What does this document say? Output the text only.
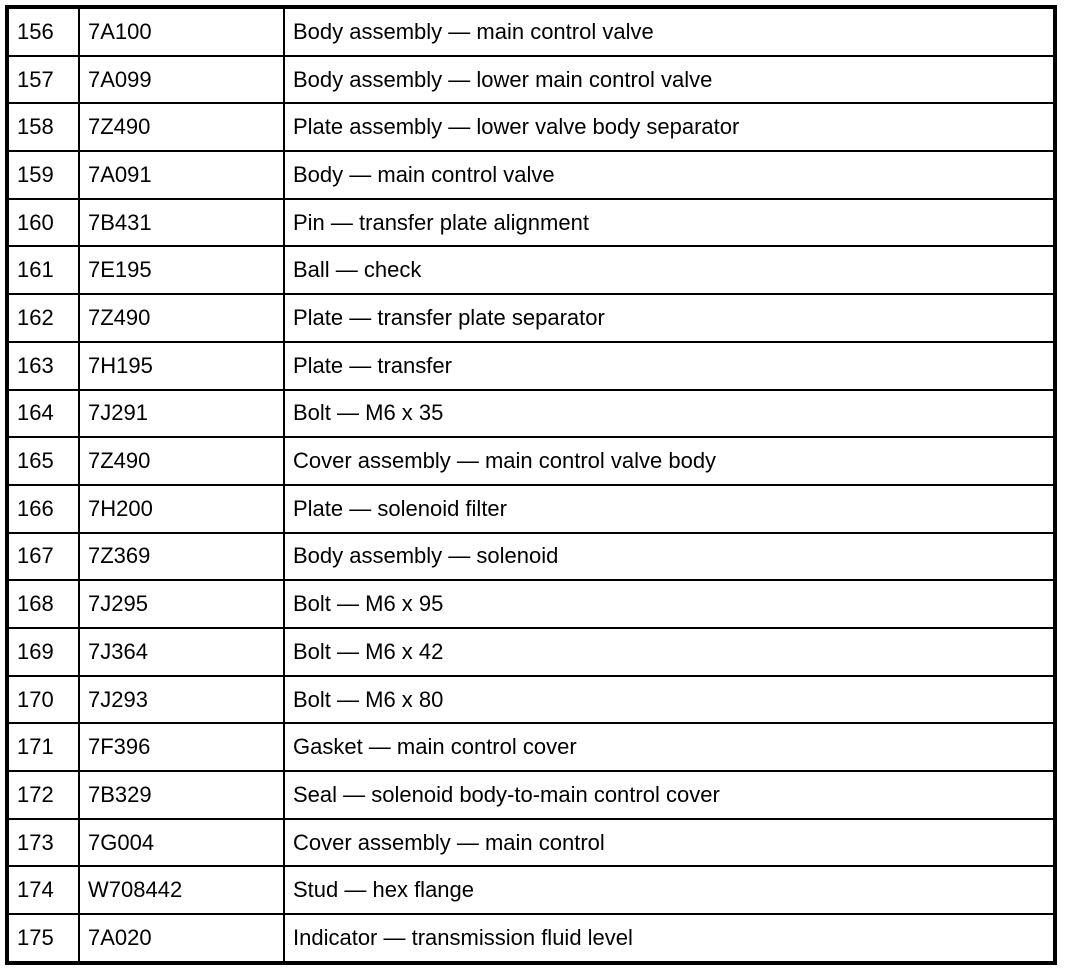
156	7A100	Body assembly — main control valve
157	7A099	Body assembly — lower main control valve
158	7Z490	Plate assembly — lower valve body separator
159	7A091	Body — main control valve
160	7B431	Pin — transfer plate alignment
161	7E195	Ball — check
162	7Z490	Plate — transfer plate separator
163	7H195	Plate — transfer
164	7J291	Bolt — M6 x 35
165	7Z490	Cover assembly — main control valve body
166	7H200	Plate — solenoid filter
167	7Z369	Body assembly — solenoid
168	7J295	Bolt — M6 x 95
169	7J364	Bolt — M6 x 42
170	7J293	Bolt — M6 x 80
171	7F396	Gasket — main control cover
172	7B329	Seal — solenoid body-to-main control cover
173	7G004	Cover assembly — main control
174	W708442	Stud — hex flange
175	7A020	Indicator — transmission fluid level
